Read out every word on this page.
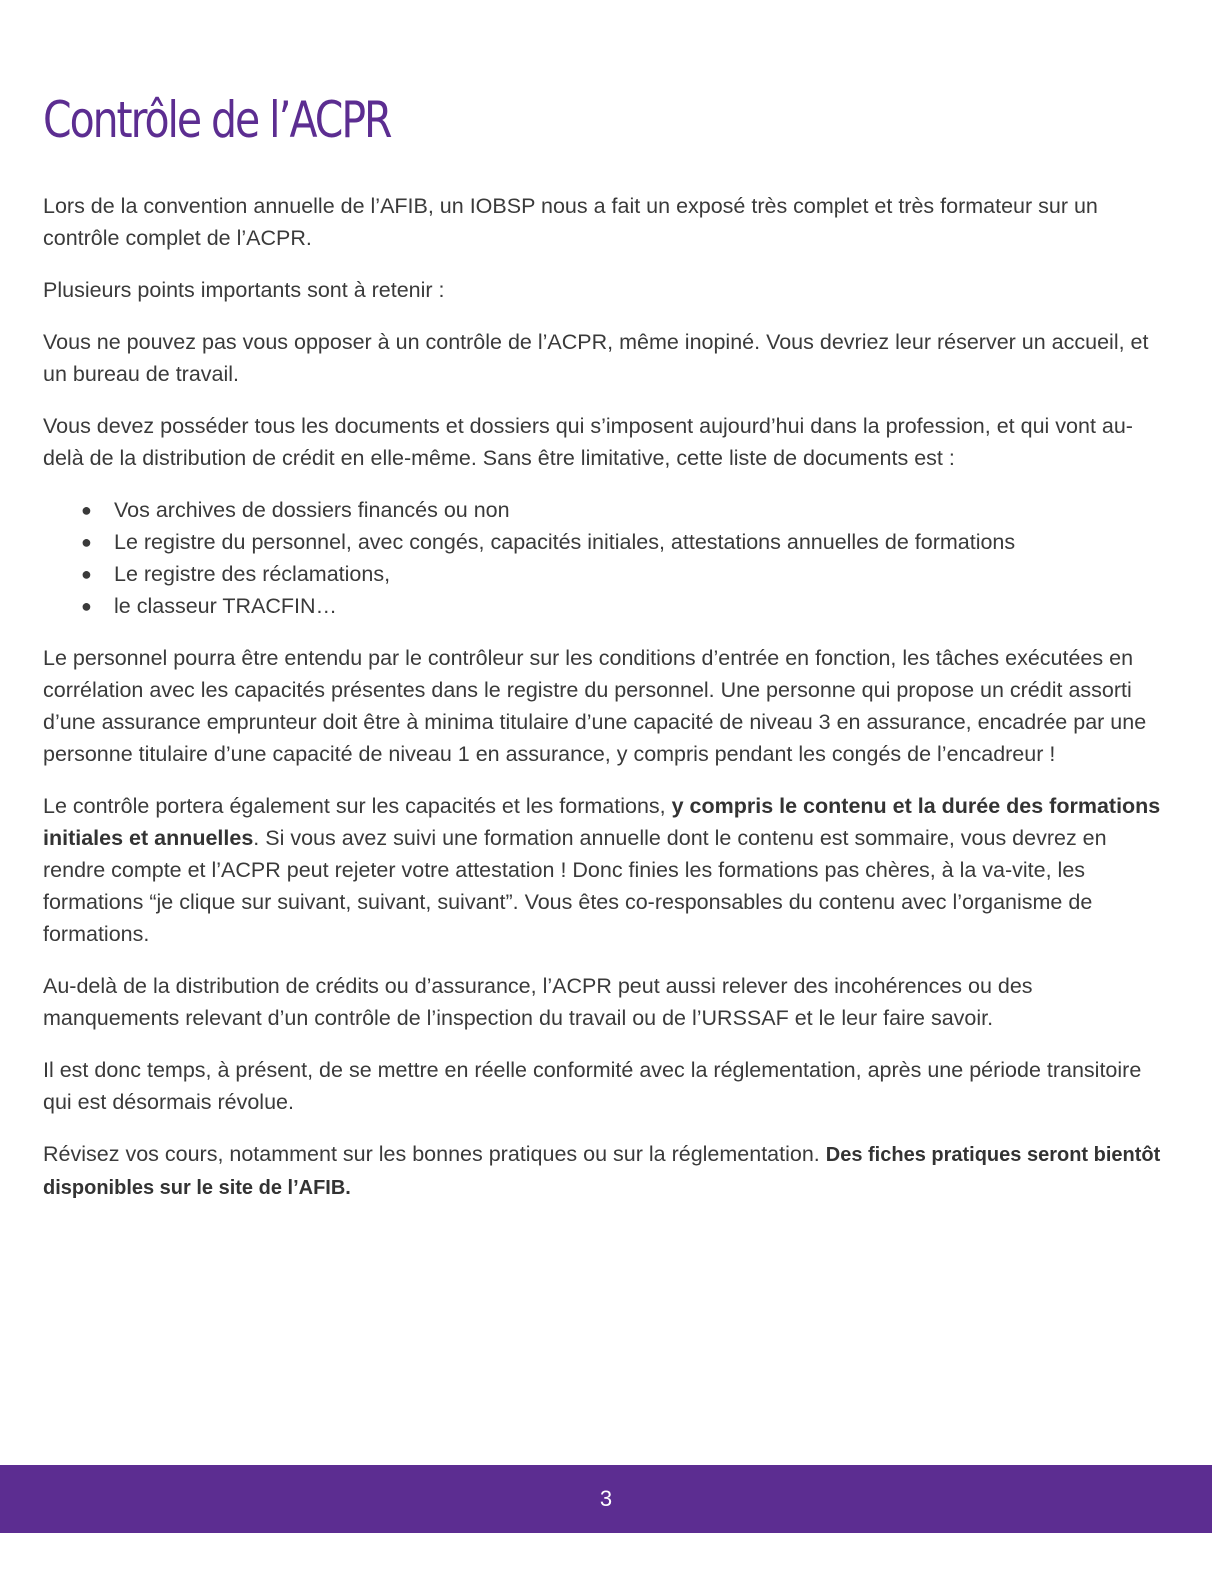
Contrôle de l’ACPR

Lors de la convention annuelle de l’AFIB, un IOBSP nous a fait un exposé très complet et très formateur sur un contrôle complet de l’ACPR.

Plusieurs points importants sont à retenir :

Vous ne pouvez pas vous opposer à un contrôle de l’ACPR, même inopiné. Vous devriez leur réserver un accueil, et un bureau de travail.

Vous devez posséder tous les documents et dossiers qui s’imposent aujourd’hui dans la profession, et qui vont au-delà de la distribution de crédit en elle-même. Sans être limitative, cette liste de documents est :

● Vos archives de dossiers financés ou non
● Le registre du personnel, avec congés, capacités initiales, attestations annuelles de formations
● Le registre des réclamations,
● le classeur TRACFIN…

Le personnel pourra être entendu par le contrôleur sur les conditions d’entrée en fonction, les tâches exécutées en corrélation avec les capacités présentes dans le registre du personnel. Une personne qui propose un crédit assorti d’une assurance emprunteur doit être à minima titulaire d’une capacité de niveau 3 en assurance, encadrée par une personne titulaire d’une capacité de niveau 1 en assurance, y compris pendant les congés de l’encadreur !

Le contrôle portera également sur les capacités et les formations, y compris le contenu et la durée des formations initiales et annuelles. Si vous avez suivi une formation annuelle dont le contenu est sommaire, vous devrez en rendre compte et l’ACPR peut rejeter votre attestation ! Donc finies les formations pas chères, à la va-vite, les formations “je clique sur suivant, suivant, suivant”. Vous êtes co-responsables du contenu avec l’organisme de formations.

Au-delà de la distribution de crédits ou d’assurance, l’ACPR peut aussi relever des incohérences ou des manquements relevant d’un contrôle de l’inspection du travail ou de l’URSSAF et le leur faire savoir.

Il est donc temps, à présent, de se mettre en réelle conformité avec la réglementation, après une période transitoire qui est désormais révolue.

Révisez vos cours, notamment sur les bonnes pratiques ou sur la réglementation. Des fiches pratiques seront bientôt disponibles sur le site de l’AFIB.

3
